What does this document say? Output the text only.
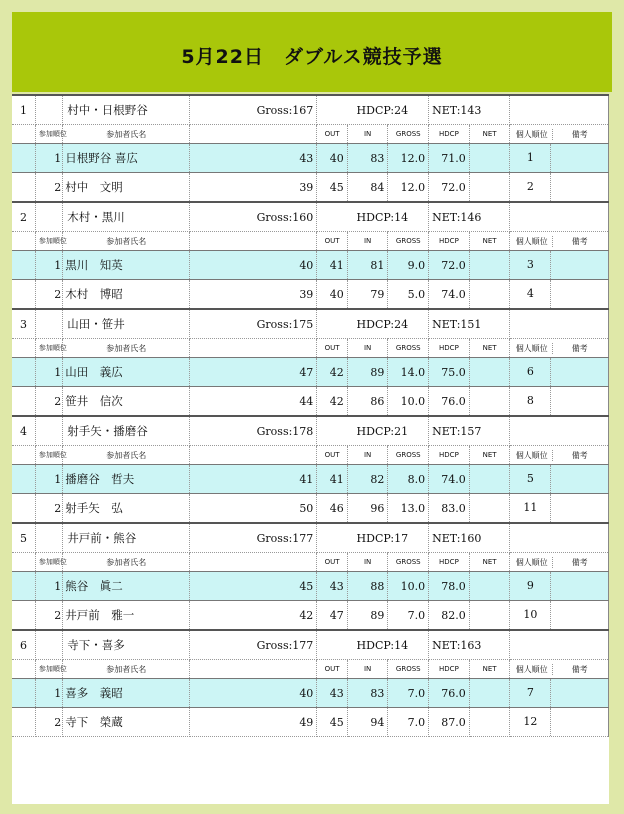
5月22日　ダブルス競技予選
1		村中・日根野谷	Gross:167	HDCP:24			NET:143		
	参加順位	参加者氏名		OUT	IN	GROSS	HDCP	NET	個人順位 備考
	1	日根野谷 喜広	43	40	83	12.0	71.0		1
	2	村中　文明	39	45	84	12.0	72.0		2
2		木村・黒川	Gross:160	HDCP:14			NET:146		
	参加順位	参加者氏名		OUT	IN	GROSS	HDCP	NET	個人順位 備考
	1	黒川　知英	40	41	81	9.0	72.0		3
	2	木村　博昭	39	40	79	5.0	74.0		4
3		山田・笹井	Gross:175	HDCP:24			NET:151		
	参加順位	参加者氏名		OUT	IN	GROSS	HDCP	NET	個人順位 備考
	1	山田　義広	47	42	89	14.0	75.0		6
	2	笹井　信次	44	42	86	10.0	76.0		8
4		射手矢・播磨谷	Gross:178	HDCP:21			NET:157		
	参加順位	参加者氏名		OUT	IN	GROSS	HDCP	NET	個人順位 備考
	1	播磨谷　哲夫	41	41	82	8.0	74.0		5
	2	射手矢　弘	50	46	96	13.0	83.0		11
5		井戸前・熊谷	Gross:177	HDCP:17			NET:160		
	参加順位	参加者氏名		OUT	IN	GROSS	HDCP	NET	個人順位 備考
	1	熊谷　眞二	45	43	88	10.0	78.0		9
	2	井戸前　雅一	42	47	89	7.0	82.0		10
6		寺下・喜多	Gross:177	HDCP:14			NET:163		
	参加順位	参加者氏名		OUT	IN	GROSS	HDCP	NET	個人順位 備考
	1	喜多　義昭	40	43	83	7.0	76.0		7
	2	寺下　榮蔵	49	45	94	7.0	87.0		12
